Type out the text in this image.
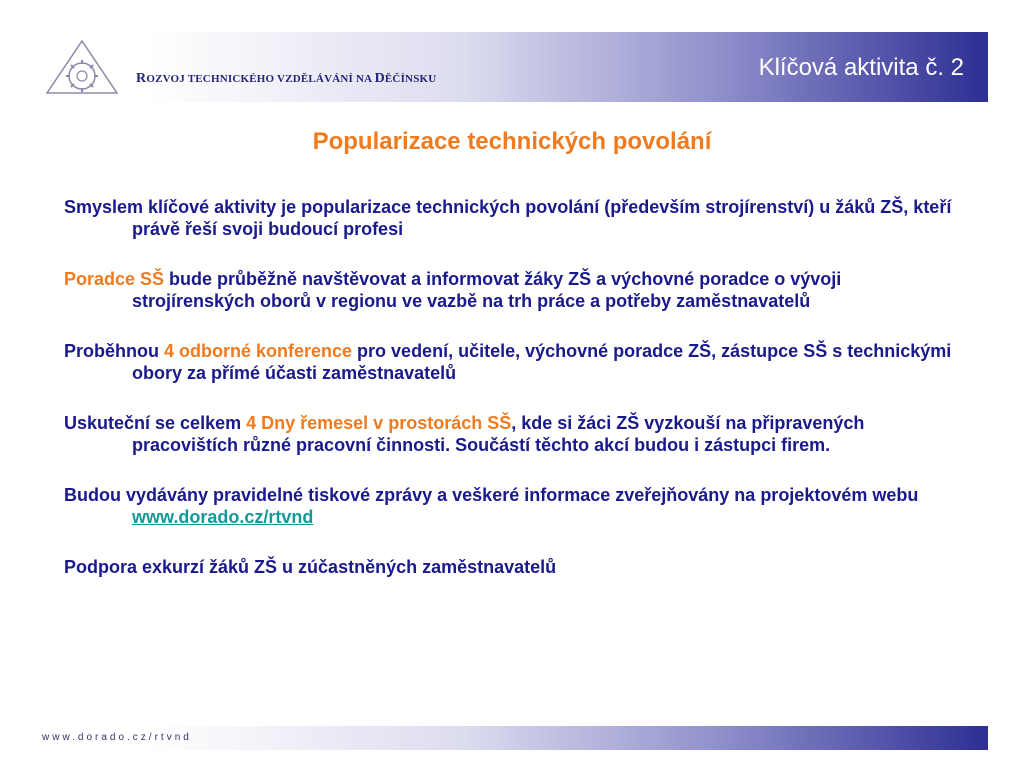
ROZVOJ TECHNICKÉHO VZDĚLÁVÁNÍ NA DĚČÍNSKU	Klíčová aktivita č. 2
Popularizace technických povolání
Smyslem klíčové aktivity je popularizace technických povolání (především strojírenství) u žáků ZŠ, kteří právě řeší svoji budoucí profesi
Poradce SŠ bude průběžně navštěvovat a informovat žáky ZŠ a výchovné poradce o vývoji strojírenských oborů v regionu ve vazbě na trh práce a potřeby zaměstnavatelů
Proběhnou 4 odborné konference pro vedení, učitele, výchovné poradce ZŠ, zástupce SŠ s technickými obory za přímé účasti zaměstnavatelů
Uskuteční se celkem 4 Dny řemesel v prostorách SŠ, kde si žáci ZŠ vyzkouší na připravených pracovištích různé pracovní činnosti. Součástí těchto akcí budou i zástupci firem.
Budou vydávány pravidelné tiskové zprávy a veškeré informace zveřejňovány na projektovém webu www.dorado.cz/rtvnd
Podpora exkurzí žáků ZŠ u zúčastněných zaměstnavatelů
www.dorado.cz/rtvnd
